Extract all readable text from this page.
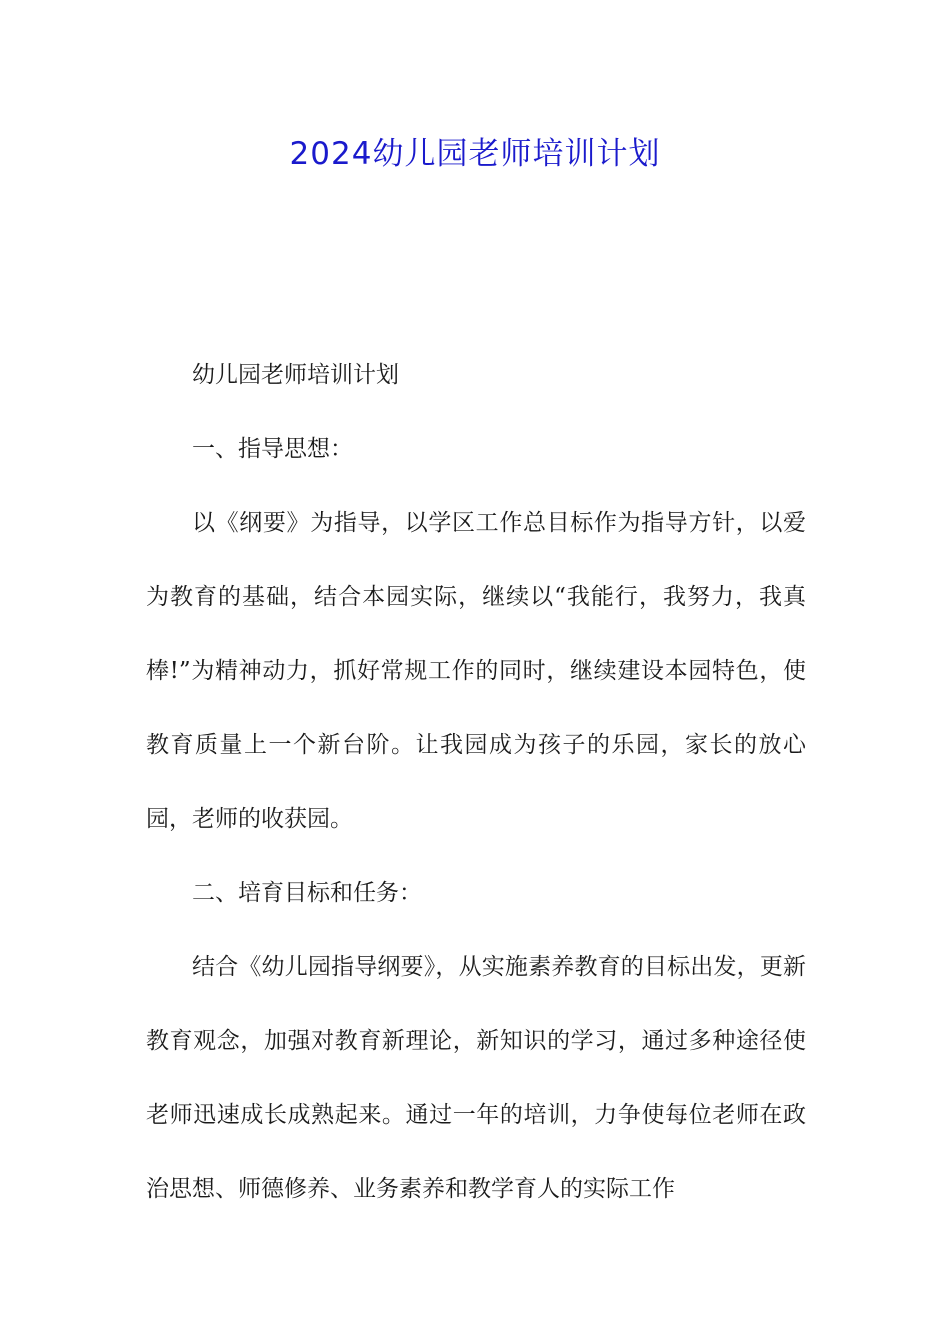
2024幼儿园老师培训计划

幼儿园老师培训计划

一、指导思想：

以《纲要》为指导，以学区工作总目标作为指导方针，以爱为教育的基础，结合本园实际，继续以“我能行，我努力，我真棒!”为精神动力，抓好常规工作的同时，继续建设本园特色，使教育质量上一个新台阶。让我园成为孩子的乐园，家长的放心园，老师的收获园。

二、培育目标和任务：

结合《幼儿园指导纲要》，从实施素养教育的目标出发，更新教育观念，加强对教育新理论，新知识的学习，通过多种途径使老师迅速成长成熟起来。通过一年的培训，力争使每位老师在政治思想、师德修养、业务素养和教学育人的实际工作
